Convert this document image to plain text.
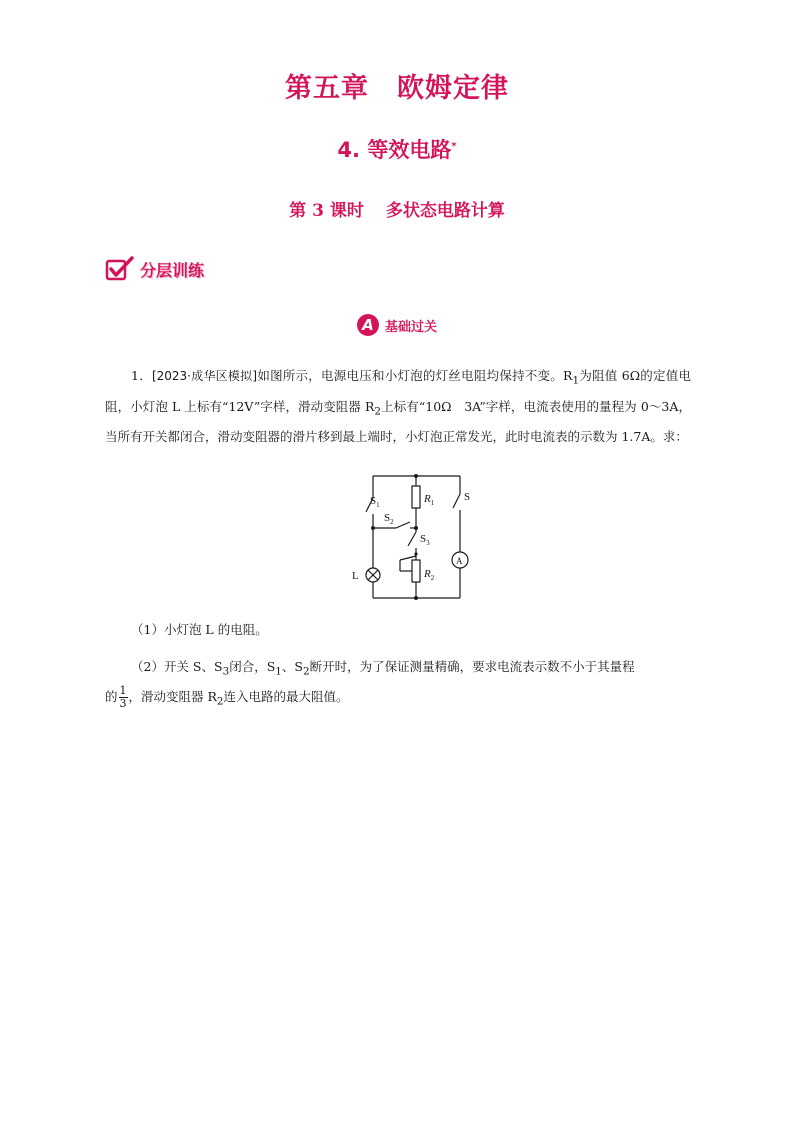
第五章 欧姆定律
4. 等效电路*
第 3 课时 多状态电路计算
分层训练
A 基础过关
1．[2023·成华区模拟]如图所示，电源电压和小灯泡的灯丝电阻均保持不变。$R_1$为阻值 6Ω的定值电阻，小灯泡 L 上标有“12V”字样，滑动变阻器 $R_2$上标有“10Ω　3A”字样，电流表使用的量程为 0～3A，当所有开关都闭合，滑动变阻器的滑片移到最上端时，小灯泡正常发光，此时电流表的示数为 1.7A。求：
$S_1$
$S_2$
$S_3$
S
$R_1$
$R_2$
L
A
（1）小灯泡 L 的电阻。
（2）开关 S、$S_3$闭合，$S_1$、$S_2$断开时，为了保证测量精确，要求电流表示数不小于其量程
的 $\frac{1}{3}$ ，滑动变阻器 $R_2$连入电路的最大阻值。
